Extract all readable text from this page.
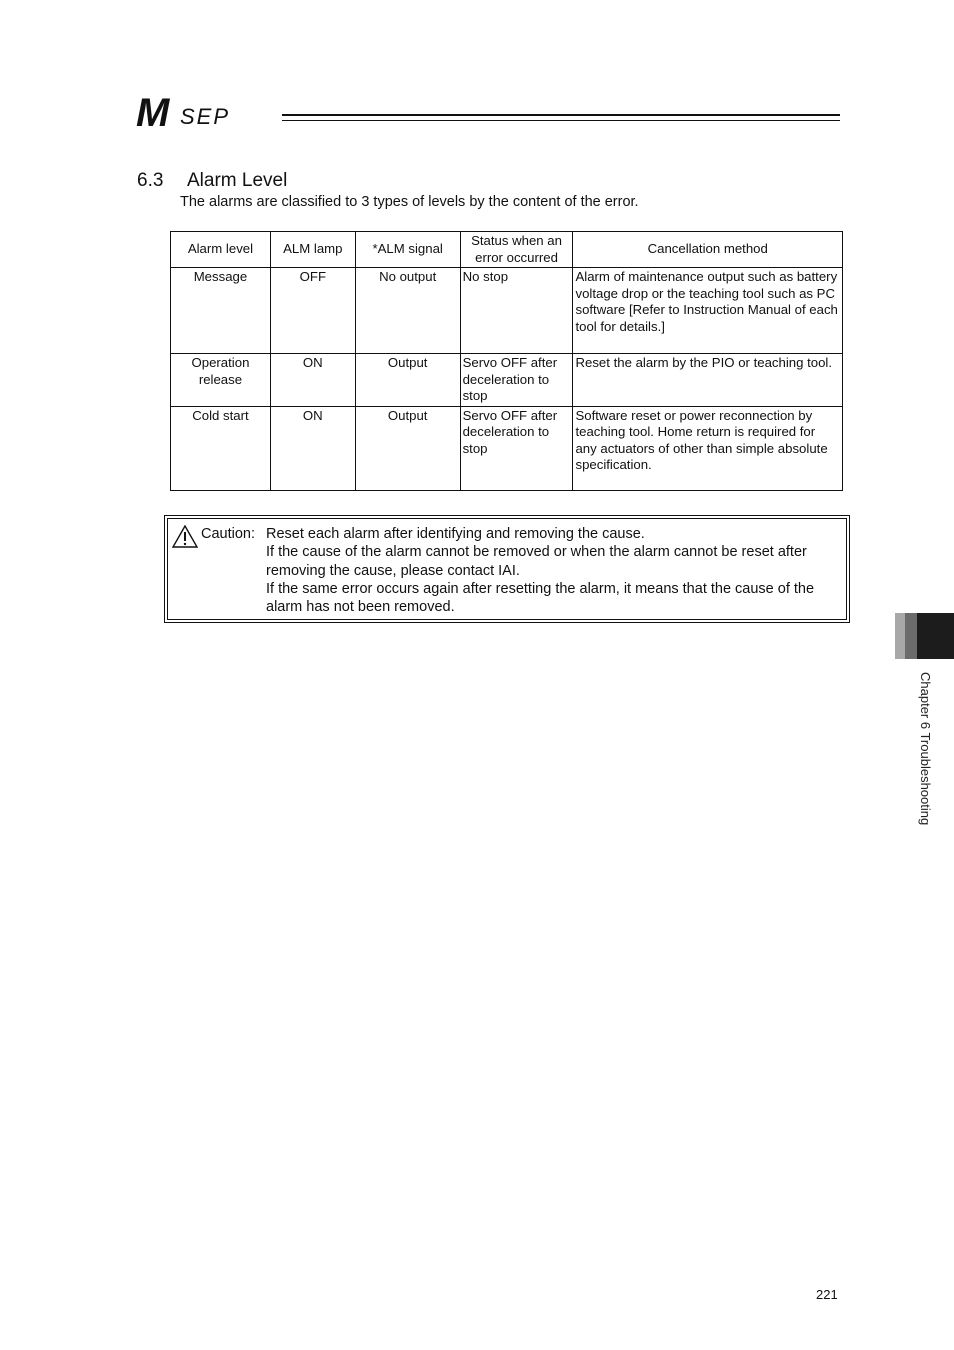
M SEP
6.3 Alarm Level
The alarms are classified to 3 types of levels by the content of the error.
Alarm level	ALM lamp	*ALM signal	Status when an error occurred	Cancellation method
Message	OFF	No output	No stop	Alarm of maintenance output such as battery voltage drop or the teaching tool such as PC software [Refer to Instruction Manual of each tool for details.]
Operation release	ON	Output	Servo OFF after deceleration to stop	Reset the alarm by the PIO or teaching tool.
Cold start	ON	Output	Servo OFF after deceleration to stop	Software reset or power reconnection by teaching tool. Home return is required for any actuators of other than simple absolute specification.
Caution: Reset each alarm after identifying and removing the cause.
If the cause of the alarm cannot be removed or when the alarm cannot be reset after removing the cause, please contact IAI.
If the same error occurs again after resetting the alarm, it means that the cause of the alarm has not been removed.
Chapter 6 Troubleshooting
221
